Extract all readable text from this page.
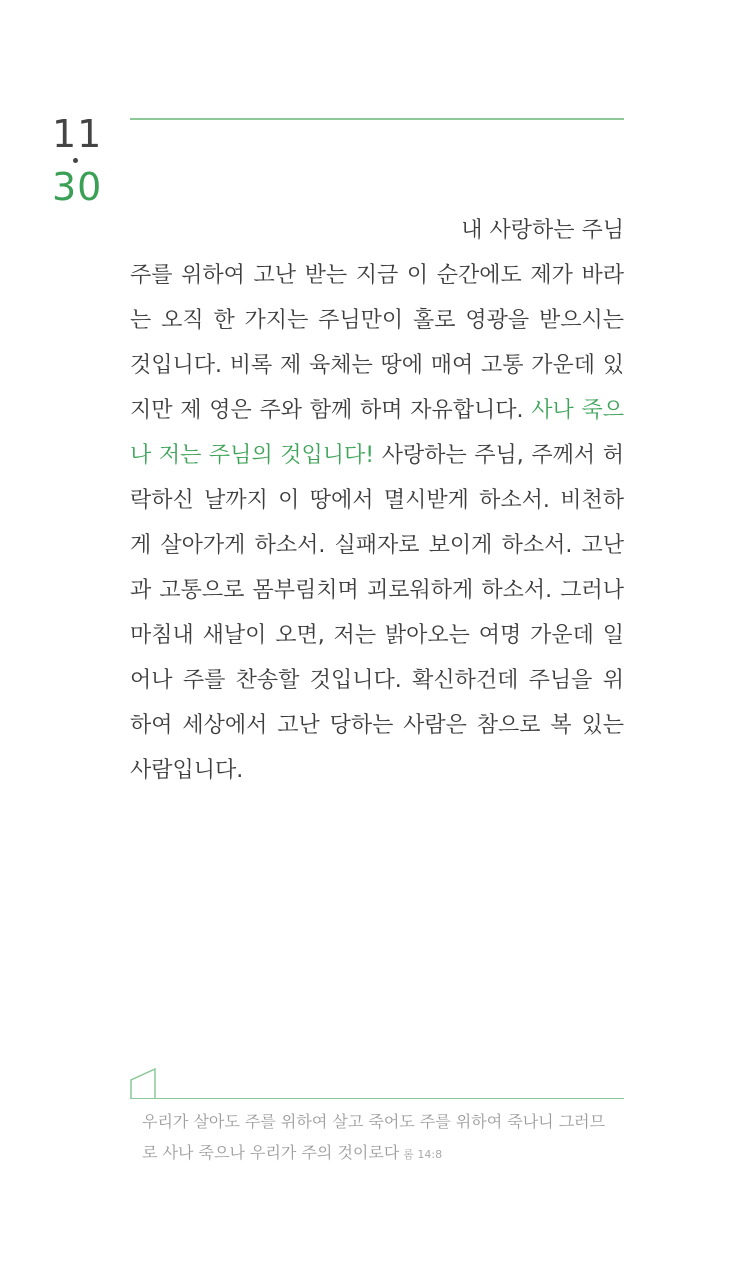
11
30
내 사랑하는 주님
주를 위하여 고난 받는 지금 이 순간에도 제가 바라는 오직 한 가지는 주님만이 홀로 영광을 받으시는 것입니다. 비록 제 육체는 땅에 매여 고통 가운데 있지만 제 영은 주와 함께 하며 자유합니다. 사나 죽으나 저는 주님의 것입니다! 사랑하는 주님, 주께서 허락하신 날까지 이 땅에서 멸시받게 하소서. 비천하게 살아가게 하소서. 실패자로 보이게 하소서. 고난과 고통으로 몸부림치며 괴로워하게 하소서. 그러나 마침내 새날이 오면, 저는 밝아오는 여명 가운데 일어나 주를 찬송할 것입니다. 확신하건데 주님을 위하여 세상에서 고난 당하는 사람은 참으로 복 있는 사람입니다.
우리가 살아도 주를 위하여 살고 죽어도 주를 위하여 죽나니 그러므로 사나 죽으나 우리가 주의 것이로다 롬 14:8
